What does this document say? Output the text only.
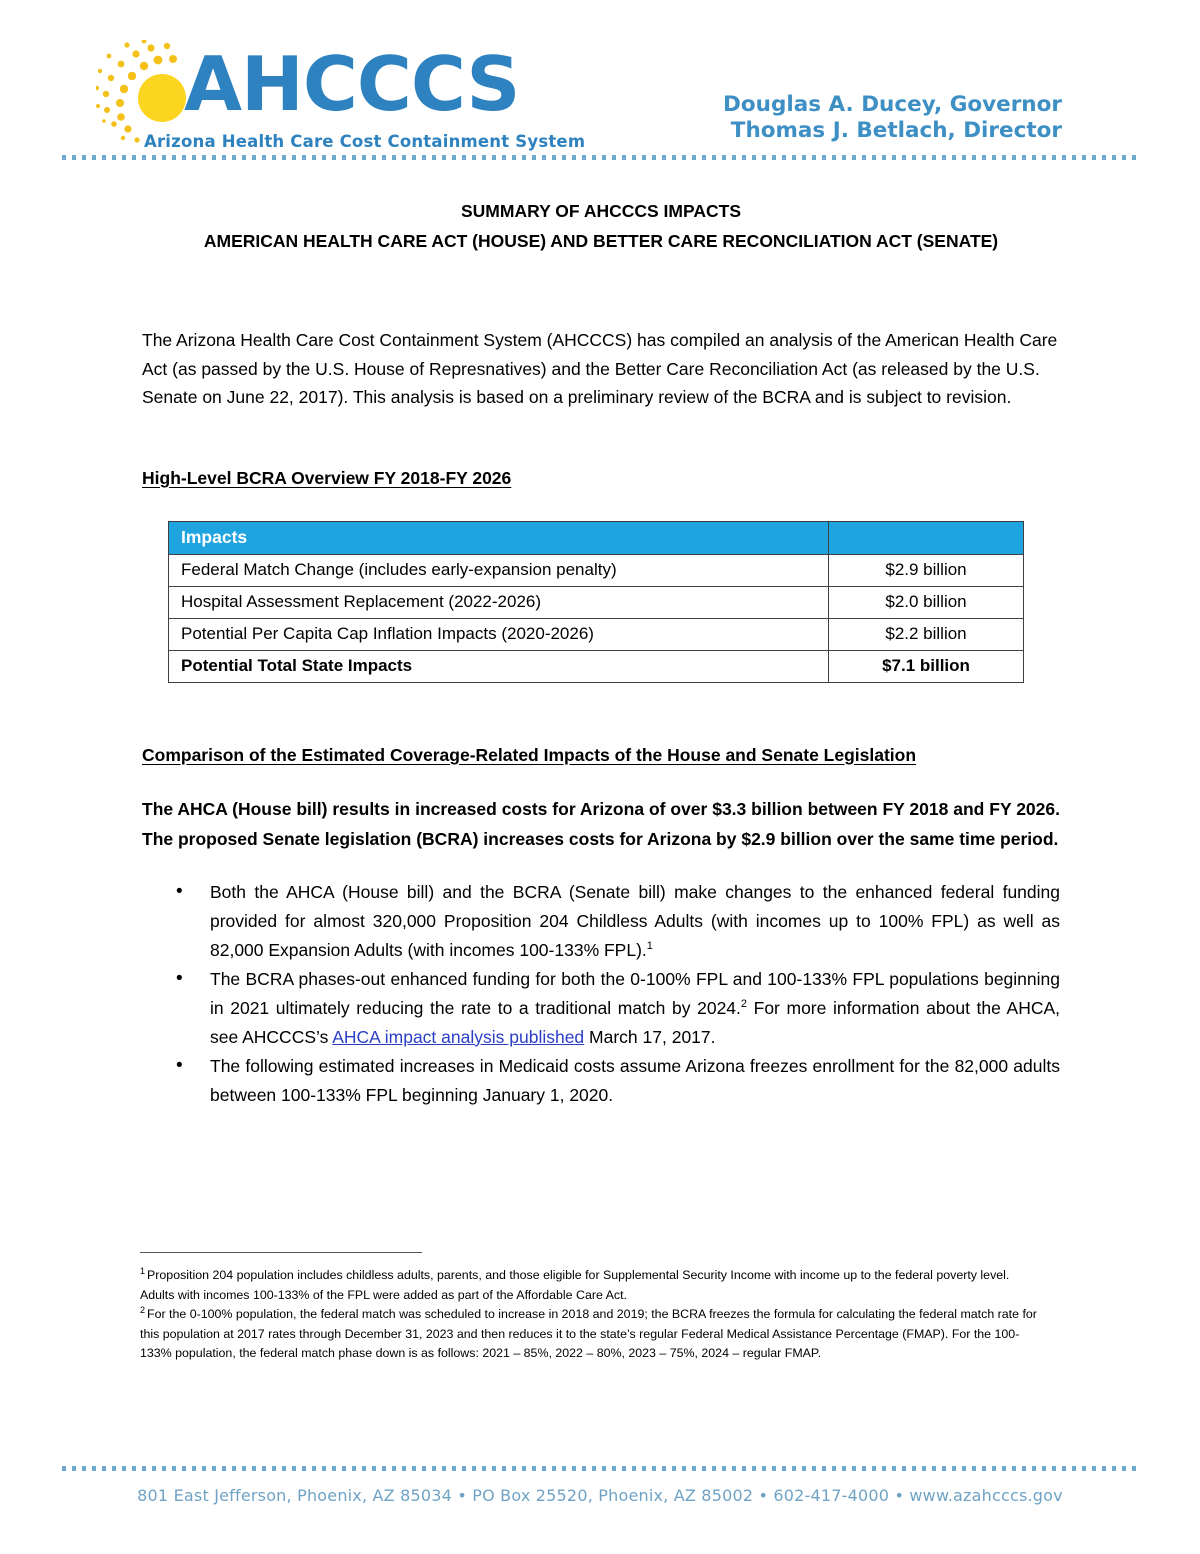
AHCCCS
Arizona Health Care Cost Containment System
Douglas A. Ducey, Governor
Thomas J. Betlach, Director
SUMMARY OF AHCCCS IMPACTS
AMERICAN HEALTH CARE ACT (HOUSE) AND BETTER CARE RECONCILIATION ACT (SENATE)

The Arizona Health Care Cost Containment System (AHCCCS) has compiled an analysis of the American Health Care Act (as passed by the U.S. House of Represnatives) and the Better Care Reconciliation Act (as released by the U.S. Senate on June 22, 2017). This analysis is based on a preliminary review of the BCRA and is subject to revision.

High-Level BCRA Overview FY 2018-FY 2026
Impacts	
Federal Match Change (includes early-expansion penalty)	$2.9 billion
Hospital Assessment Replacement (2022-2026)	$2.0 billion
Potential Per Capita Cap Inflation Impacts (2020-2026)	$2.2 billion
Potential Total State Impacts	$7.1 billion
Comparison of the Estimated Coverage-Related Impacts of the House and Senate Legislation

The AHCA (House bill) results in increased costs for Arizona of over $3.3 billion between FY 2018 and FY 2026. The proposed Senate legislation (BCRA) increases costs for Arizona by $2.9 billion over the same time period.

• Both the AHCA (House bill) and the BCRA (Senate bill) make changes to the enhanced federal funding provided for almost 320,000 Proposition 204 Childless Adults (with incomes up to 100% FPL) as well as 82,000 Expansion Adults (with incomes 100-133% FPL).$^1$
• The BCRA phases-out enhanced funding for both the 0-100% FPL and 100-133% FPL populations beginning in 2021 ultimately reducing the rate to a traditional match by 2024.$^2$ For more information about the AHCA, see AHCCCS’s AHCA impact analysis published March 17, 2017.
• The following estimated increases in Medicaid costs assume Arizona freezes enrollment for the 82,000 adults between 100-133% FPL beginning January 1, 2020.

$^1$ Proposition 204 population includes childless adults, parents, and those eligible for Supplemental Security Income with income up to the federal poverty level. Adults with incomes 100-133% of the FPL were added as part of the Affordable Care Act.

$^2$ For the 0-100% population, the federal match was scheduled to increase in 2018 and 2019; the BCRA freezes the formula for calculating the federal match rate for this population at 2017 rates through December 31, 2023 and then reduces it to the state’s regular Federal Medical Assistance Percentage (FMAP). For the 100-133% population, the federal match phase down is as follows: 2021 – 85%, 2022 – 80%, 2023 – 75%, 2024 – regular FMAP.

801 East Jefferson, Phoenix, AZ 85034 • PO Box 25520, Phoenix, AZ 85002 • 602-417-4000 • www.azahcccs.gov
